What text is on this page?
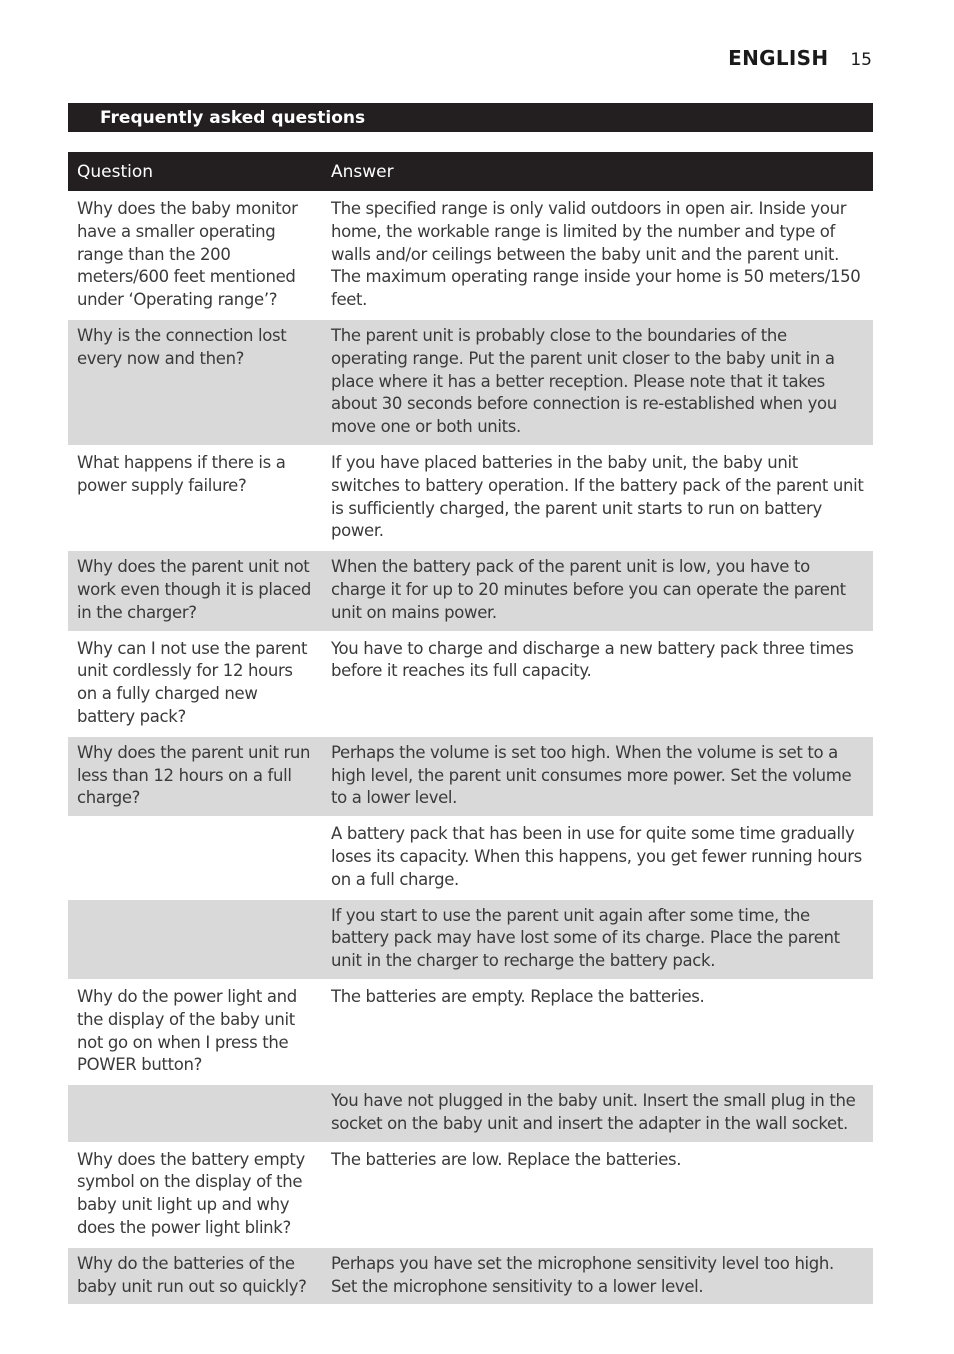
ENGLISH 15
Frequently asked questions
Question	Answer
Why does the baby monitor have a smaller operating range than the 200 meters/600 feet mentioned under ‘Operating range’?	The specified range is only valid outdoors in open air. Inside your home, the workable range is limited by the number and type of walls and/or ceilings between the baby unit and the parent unit. The maximum operating range inside your home is 50 meters/150 feet.
Why is the connection lost every now and then?	The parent unit is probably close to the boundaries of the operating range. Put the parent unit closer to the baby unit in a place where it has a better reception. Please note that it takes about 30 seconds before connection is re-established when you move one or both units.
What happens if there is a power supply failure?	If you have placed batteries in the baby unit, the baby unit switches to battery operation. If the battery pack of the parent unit is sufficiently charged, the parent unit starts to run on battery power.
Why does the parent unit not work even though it is placed in the charger?	When the battery pack of the parent unit is low, you have to charge it for up to 20 minutes before you can operate the parent unit on mains power.
Why can I not use the parent unit cordlessly for 12 hours on a fully charged new battery pack?	You have to charge and discharge a new battery pack three times before it reaches its full capacity.
Why does the parent unit run less than 12 hours on a full charge?	Perhaps the volume is set too high. When the volume is set to a high level, the parent unit consumes more power. Set the volume to a lower level.
	A battery pack that has been in use for quite some time gradually loses its capacity. When this happens, you get fewer running hours on a full charge.
	If you start to use the parent unit again after some time, the battery pack may have lost some of its charge. Place the parent unit in the charger to recharge the battery pack.
Why do the power light and the display of the baby unit not go on when I press the POWER button?	The batteries are empty. Replace the batteries.
	You have not plugged in the baby unit. Insert the small plug in the socket on the baby unit and insert the adapter in the wall socket.
Why does the battery empty symbol on the display of the baby unit light up and why does the power light blink?	The batteries are low. Replace the batteries.
Why do the batteries of the baby unit run out so quickly?	Perhaps you have set the microphone sensitivity level too high. Set the microphone sensitivity to a lower level.
